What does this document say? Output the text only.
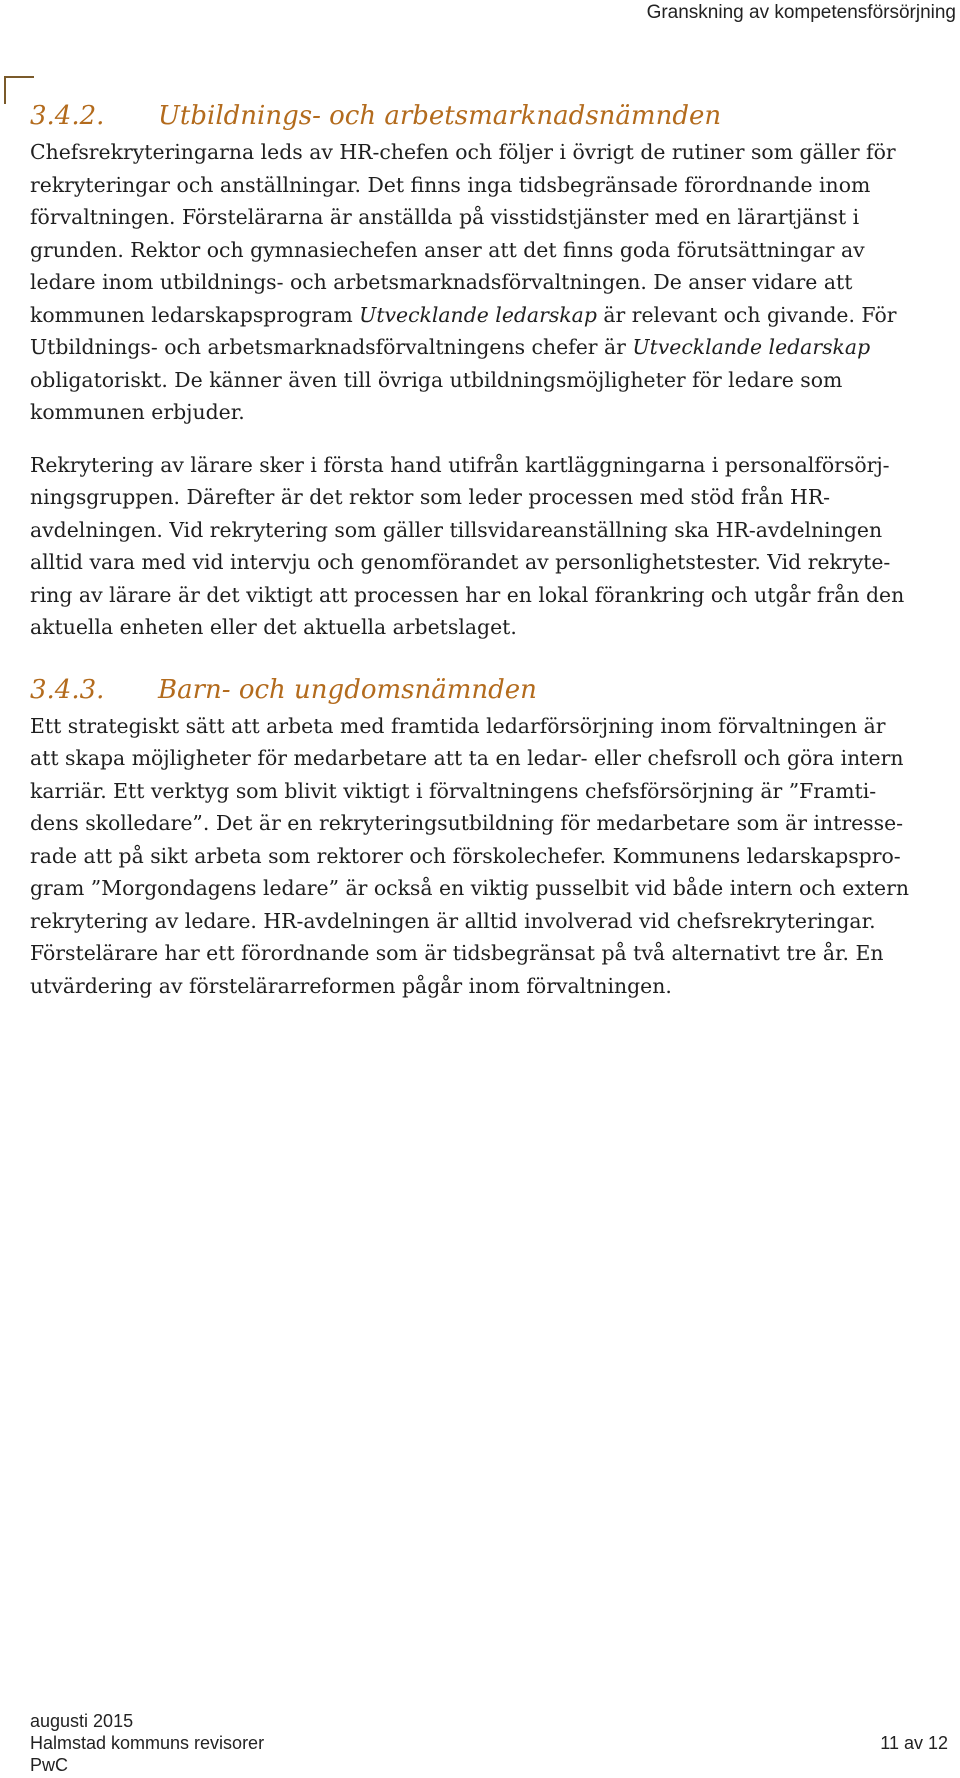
Granskning av kompetensförsörjning
3.4.2.	Utbildnings- och arbetsmarknadsnämnden

Chefsrekryteringarna leds av HR-chefen och följer i övrigt de rutiner som gäller för
rekryteringar och anställningar. Det finns inga tidsbegränsade förordnande inom
förvaltningen. Förstelärarna är anställda på visstidstjänster med en lärartjänst i
grunden. Rektor och gymnasiechefen anser att det finns goda förutsättningar av
ledare inom utbildnings- och arbetsmarknadsförvaltningen. De anser vidare att
kommunen ledarskapsprogram Utvecklande ledarskap är relevant och givande. För
Utbildnings- och arbetsmarknadsförvaltningens chefer är Utvecklande ledarskap
obligatoriskt. De känner även till övriga utbildningsmöjligheter för ledare som
kommunen erbjuder.

Rekrytering av lärare sker i första hand utifrån kartläggningarna i personalförsörj-
ningsgruppen. Därefter är det rektor som leder processen med stöd från HR-
avdelningen. Vid rekrytering som gäller tillsvidareanställning ska HR-avdelningen
alltid vara med vid intervju och genomförandet av personlighetstester. Vid rekryte-
ring av lärare är det viktigt att processen har en lokal förankring och utgår från den
aktuella enheten eller det aktuella arbetslaget.

3.4.3.	Barn- och ungdomsnämnden

Ett strategiskt sätt att arbeta med framtida ledarförsörjning inom förvaltningen är
att skapa möjligheter för medarbetare att ta en ledar- eller chefsroll och göra intern
karriär. Ett verktyg som blivit viktigt i förvaltningens chefsförsörjning är ”Framti-
dens skolledare”. Det är en rekryteringsutbildning för medarbetare som är intresse-
rade att på sikt arbeta som rektorer och förskolechefer. Kommunens ledarskapspro-
gram ”Morgondagens ledare” är också en viktig pusselbit vid både intern och extern
rekrytering av ledare. HR-avdelningen är alltid involverad vid chefsrekryteringar.
Förstelärare har ett förordnande som är tidsbegränsat på två alternativt tre år. En
utvärdering av förstelärarreformen pågår inom förvaltningen.

augusti 2015
Halmstad kommuns revisorer	11 av 12
PwC
